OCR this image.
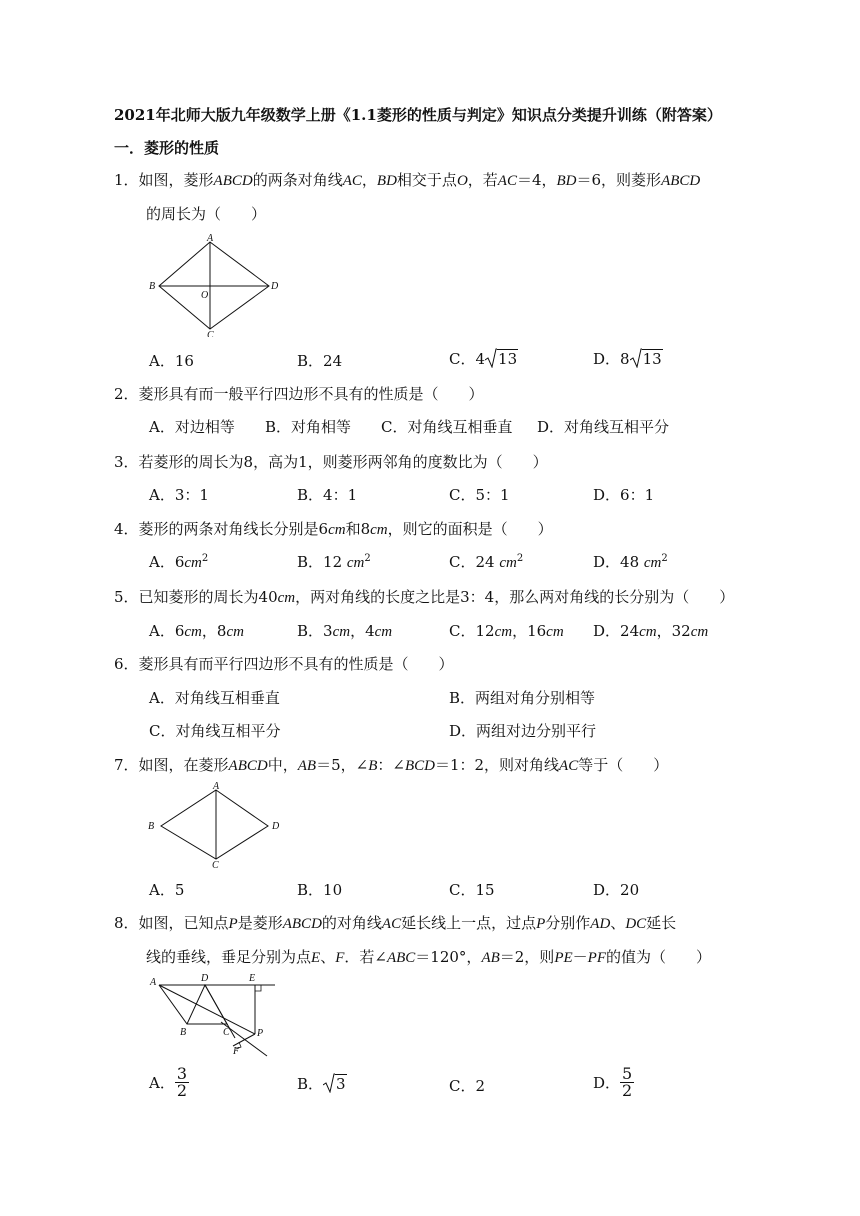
2021年北师大版九年级数学上册《1.1菱形的性质与判定》知识点分类提升训练（附答案）
一．菱形的性质
1．如图，菱形ABCD的两条对角线AC，BD相交于点O，若AC＝4，BD＝6，则菱形ABCD
的周长为（　　）
A
B
C
D
O
A．16	B．24	C．4 13	D．8 13
2．菱形具有而一般平行四边形不具有的性质是（　　）
A．对边相等 B．对角相等 C．对角线互相垂直 D．对角线互相平分
3．若菱形的周长为8，高为1，则菱形两邻角的度数比为（　　）
A．3：1	B．4：1	C．5：1	D．6：1
4．菱形的两条对角线长分别是6cm和8cm，则它的面积是（　　）
A．$6cm^2$	B．12 $cm^2$	C．24 $cm^2$	D．48 $cm^2$
5．已知菱形的周长为40cm，两对角线的长度之比是3：4，那么两对角线的长分别为（　　）
A．6cm，8cm	B．3cm，4cm	C．12cm，16cm D．24cm，32cm
6．菱形具有而平行四边形不具有的性质是（　　）
A．对角线互相垂直	B．两组对角分别相等
C．对角线互相平分	D．两组对边分别平行
7．如图，在菱形ABCD中，AB＝5，∠B：∠BCD＝1：2，则对角线AC等于（　　）
A
B
C
D
A．5	B．10	C．15	D．20
8．如图，已知点P是菱形ABCD的对角线AC延长线上一点，过点P分别作AD、DC延长
线的垂线，垂足分别为点E、F．若∠ABC＝120°，AB＝2，则PE－PF的值为（　　）
A	D	E
B	C	P
F
A． $\frac{3}{2}$	B． 3	C．2	D． $\frac{5}{2}$
